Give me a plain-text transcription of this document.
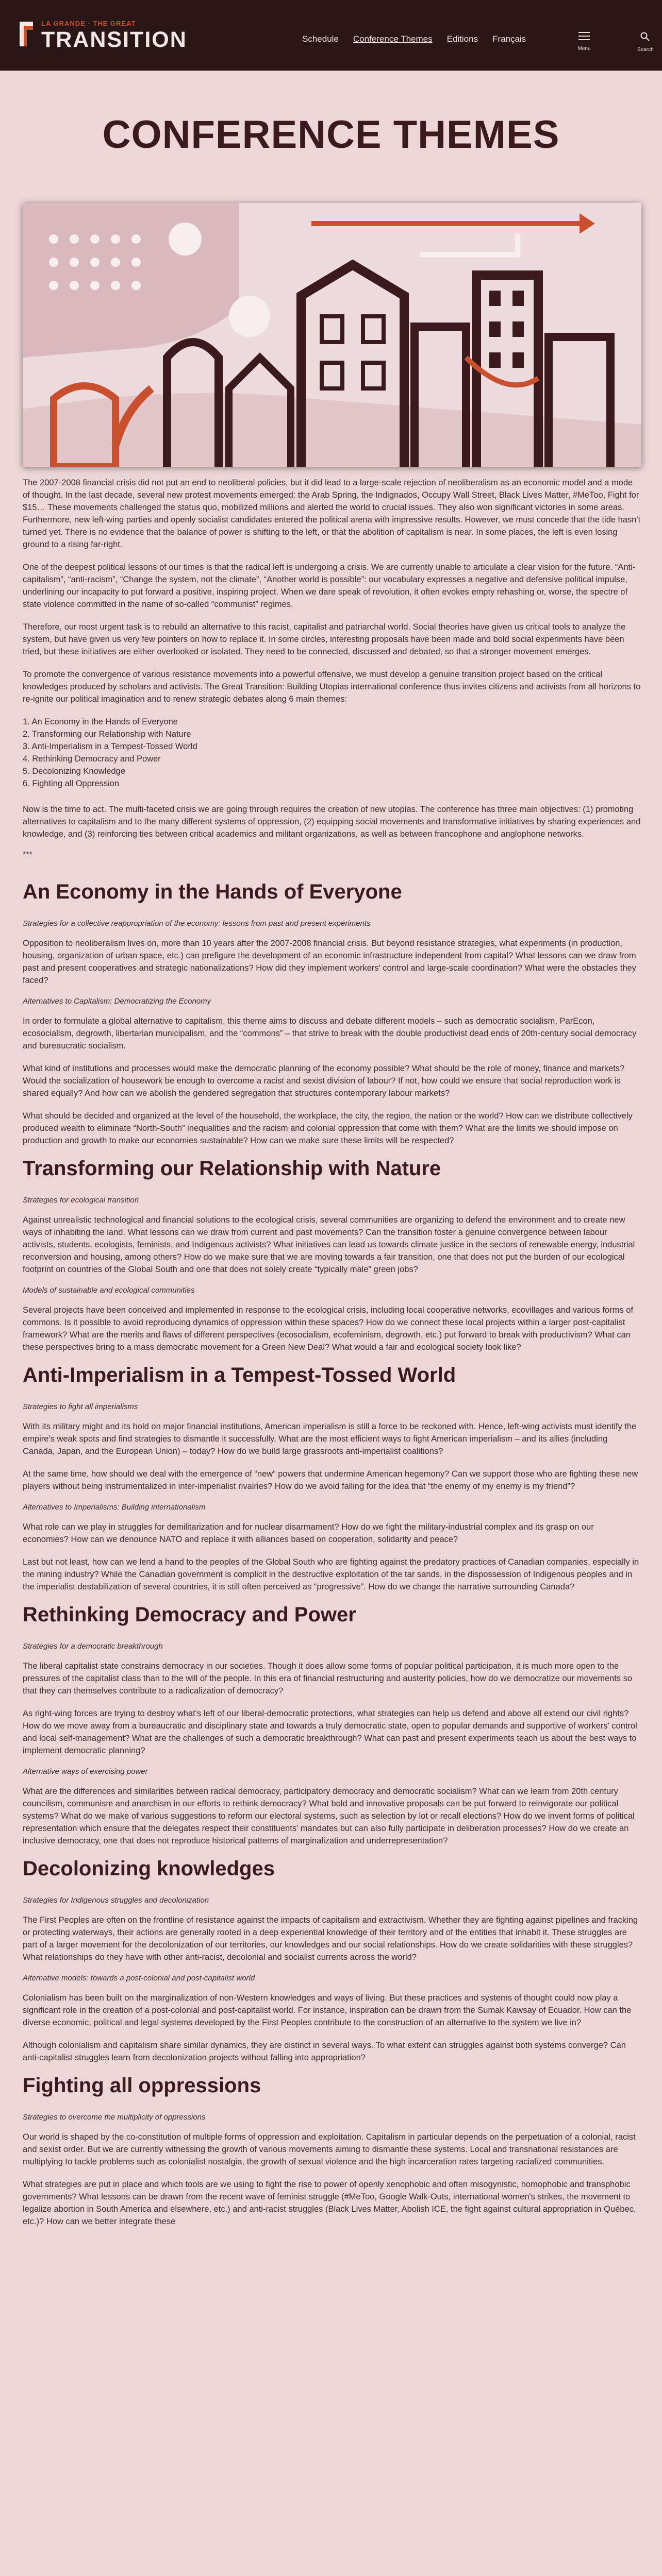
LA GRANDE · THE GREAT
TRANSITION	Schedule Conference Themes Editions Français
Menu	Search
CONFERENCE THEMES

The 2007-2008 financial crisis did not put an end to neoliberal policies, but it did lead to a large-scale rejection of neoliberalism as an economic model and a mode of thought. In the last decade, several new protest movements emerged: the Arab Spring, the Indignados, Occupy Wall Street, Black Lives Matter, #MeToo, Fight for $15… These movements challenged the status quo, mobilized millions and alerted the world to crucial issues. They also won significant victories in some areas. Furthermore, new left-wing parties and openly socialist candidates entered the political arena with impressive results. However, we must concede that the tide hasn't turned yet. There is no evidence that the balance of power is shifting to the left, or that the abolition of capitalism is near. In some places, the left is even losing ground to a rising far-right.

One of the deepest political lessons of our times is that the radical left is undergoing a crisis. We are currently unable to articulate a clear vision for the future. “Anti-capitalism”, “anti-racism”, “Change the system, not the climate”, “Another world is possible”: our vocabulary expresses a negative and defensive political impulse, underlining our incapacity to put forward a positive, inspiring project. When we dare speak of revolution, it often evokes empty rehashing or, worse, the spectre of state violence committed in the name of so-called “communist” regimes.

Therefore, our most urgent task is to rebuild an alternative to this racist, capitalist and patriarchal world. Social theories have given us critical tools to analyze the system, but have given us very few pointers on how to replace it. In some circles, interesting proposals have been made and bold social experiments have been tried, but these initiatives are either overlooked or isolated. They need to be connected, discussed and debated, so that a stronger movement emerges.

To promote the convergence of various resistance movements into a powerful offensive, we must develop a genuine transition project based on the critical knowledges produced by scholars and activists. The Great Transition: Building Utopias international conference thus invites citizens and activists from all horizons to re-ignite our political imagination and to renew strategic debates along 6 main themes:

1. An Economy in the Hands of Everyone
2. Transforming our Relationship with Nature
3. Anti-Imperialism in a Tempest-Tossed World
4. Rethinking Democracy and Power
5. Decolonizing Knowledge
6. Fighting all Oppression

Now is the time to act. The multi-faceted crisis we are going through requires the creation of new utopias. The conference has three main objectives: (1) promoting alternatives to capitalism and to the many different systems of oppression, (2) equipping social movements and transformative initiatives by sharing experiences and knowledge, and (3) reinforcing ties between critical academics and militant organizations, as well as between francophone and anglophone networks.

***
An Economy in the Hands of Everyone
Strategies for a collective reappropriation of the economy: lessons from past and present experiments

Opposition to neoliberalism lives on, more than 10 years after the 2007-2008 financial crisis. But beyond resistance strategies, what experiments (in production, housing, organization of urban space, etc.) can prefigure the development of an economic infrastructure independent from capital? What lessons can we draw from past and present cooperatives and strategic nationalizations? How did they implement workers' control and large-scale coordination? What were the obstacles they faced?

Alternatives to Capitalism: Democratizing the Economy

In order to formulate a global alternative to capitalism, this theme aims to discuss and debate different models – such as democratic socialism, ParEcon, ecosocialism, degrowth, libertarian municipalism, and the “commons” – that strive to break with the double productivist dead ends of 20th-century social democracy and bureaucratic socialism.

What kind of institutions and processes would make the democratic planning of the economy possible? What should be the role of money, finance and markets? Would the socialization of housework be enough to overcome a racist and sexist division of labour? If not, how could we ensure that social reproduction work is shared equally? And how can we abolish the gendered segregation that structures contemporary labour markets?

What should be decided and organized at the level of the household, the workplace, the city, the region, the nation or the world? How can we distribute collectively produced wealth to eliminate “North-South” inequalities and the racism and colonial oppression that come with them? What are the limits we should impose on production and growth to make our economies sustainable? How can we make sure these limits will be respected?

Transforming our Relationship with Nature
Strategies for ecological transition

Against unrealistic technological and financial solutions to the ecological crisis, several communities are organizing to defend the environment and to create new ways of inhabiting the land. What lessons can we draw from current and past movements? Can the transition foster a genuine convergence between labour activists, students, ecologists, feminists, and Indigenous activists? What initiatives can lead us towards climate justice in the sectors of renewable energy, industrial reconversion and housing, among others? How do we make sure that we are moving towards a fair transition, one that does not put the burden of our ecological footprint on countries of the Global South and one that does not solely create “typically male” green jobs?

Models of sustainable and ecological communities

Several projects have been conceived and implemented in response to the ecological crisis, including local cooperative networks, ecovillages and various forms of commons. Is it possible to avoid reproducing dynamics of oppression within these spaces? How do we connect these local projects within a larger post-capitalist framework? What are the merits and flaws of different perspectives (ecosocialism, ecofeminism, degrowth, etc.) put forward to break with productivism? What can these perspectives bring to a mass democratic movement for a Green New Deal? What would a fair and ecological society look like?

Anti-Imperialism in a Tempest-Tossed World
Strategies to fight all imperialisms

With its military might and its hold on major financial institutions, American imperialism is still a force to be reckoned with. Hence, left-wing activists must identify the empire's weak spots and find strategies to dismantle it successfully. What are the most efficient ways to fight American imperialism – and its allies (including Canada, Japan, and the European Union) – today? How do we build large grassroots anti-imperialist coalitions?

At the same time, how should we deal with the emergence of “new” powers that undermine American hegemony? Can we support those who are fighting these new players without being instrumentalized in inter-imperialist rivalries? How do we avoid falling for the idea that “the enemy of my enemy is my friend”?

Alternatives to Imperialisms: Building internationalism

What role can we play in struggles for demilitarization and for nuclear disarmament? How do we fight the military-industrial complex and its grasp on our economies? How can we denounce NATO and replace it with alliances based on cooperation, solidarity and peace?

Last but not least, how can we lend a hand to the peoples of the Global South who are fighting against the predatory practices of Canadian companies, especially in the mining industry? While the Canadian government is complicit in the destructive exploitation of the tar sands, in the dispossession of Indigenous peoples and in the imperialist destabilization of several countries, it is still often perceived as “progressive”. How do we change the narrative surrounding Canada?

Rethinking Democracy and Power
Strategies for a democratic breakthrough

The liberal capitalist state constrains democracy in our societies. Though it does allow some forms of popular political participation, it is much more open to the pressures of the capitalist class than to the will of the people. In this era of financial restructuring and austerity policies, how do we democratize our movements so that they can themselves contribute to a radicalization of democracy?

As right-wing forces are trying to destroy what's left of our liberal-democratic protections, what strategies can help us defend and above all extend our civil rights? How do we move away from a bureaucratic and disciplinary state and towards a truly democratic state, open to popular demands and supportive of workers' control and local self-management? What are the challenges of such a democratic breakthrough? What can past and present experiments teach us about the best ways to implement democratic planning?

Alternative ways of exercising power

What are the differences and similarities between radical democracy, participatory democracy and democratic socialism? What can we learn from 20th century councilism, communism and anarchism in our efforts to rethink democracy? What bold and innovative proposals can be put forward to reinvigorate our political systems? What do we make of various suggestions to reform our electoral systems, such as selection by lot or recall elections? How do we invent forms of political representation which ensure that the delegates respect their constituents' mandates but can also fully participate in deliberation processes? How do we create an inclusive democracy, one that does not reproduce historical patterns of marginalization and underrepresentation?

Decolonizing knowledges
Strategies for Indigenous struggles and decolonization

The First Peoples are often on the frontline of resistance against the impacts of capitalism and extractivism. Whether they are fighting against pipelines and fracking or protecting waterways, their actions are generally rooted in a deep experiential knowledge of their territory and of the entities that inhabit it. These struggles are part of a larger movement for the decolonization of our territories, our knowledges and our social relationships. How do we create solidarities with these struggles? What relationships do they have with other anti-racist, decolonial and socialist currents across the world?

Alternative models: towards a post-colonial and post-capitalist world

Colonialism has been built on the marginalization of non-Western knowledges and ways of living. But these practices and systems of thought could now play a significant role in the creation of a post-colonial and post-capitalist world. For instance, inspiration can be drawn from the Sumak Kawsay of Ecuador. How can the diverse economic, political and legal systems developed by the First Peoples contribute to the construction of an alternative to the system we live in?

Although colonialism and capitalism share similar dynamics, they are distinct in several ways. To what extent can struggles against both systems converge? Can anti-capitalist struggles learn from decolonization projects without falling into appropriation?

Fighting all oppressions
Strategies to overcome the multiplicity of oppressions

Our world is shaped by the co-constitution of multiple forms of oppression and exploitation. Capitalism in particular depends on the perpetuation of a colonial, racist and sexist order. But we are currently witnessing the growth of various movements aiming to dismantle these systems. Local and transnational resistances are multiplying to tackle problems such as colonialist nostalgia, the growth of sexual violence and the high incarceration rates targeting racialized communities.

What strategies are put in place and which tools are we using to fight the rise to power of openly xenophobic and often misogynistic, homophobic and transphobic governments? What lessons can be drawn from the recent wave of feminist struggle (#MeToo, Google Walk-Outs, international women's strikes, the movement to legalize abortion in South America and elsewhere, etc.) and anti-racist struggles (Black Lives Matter, Abolish ICE, the fight against cultural appropriation in Québec, etc.)? How can we better integrate these
